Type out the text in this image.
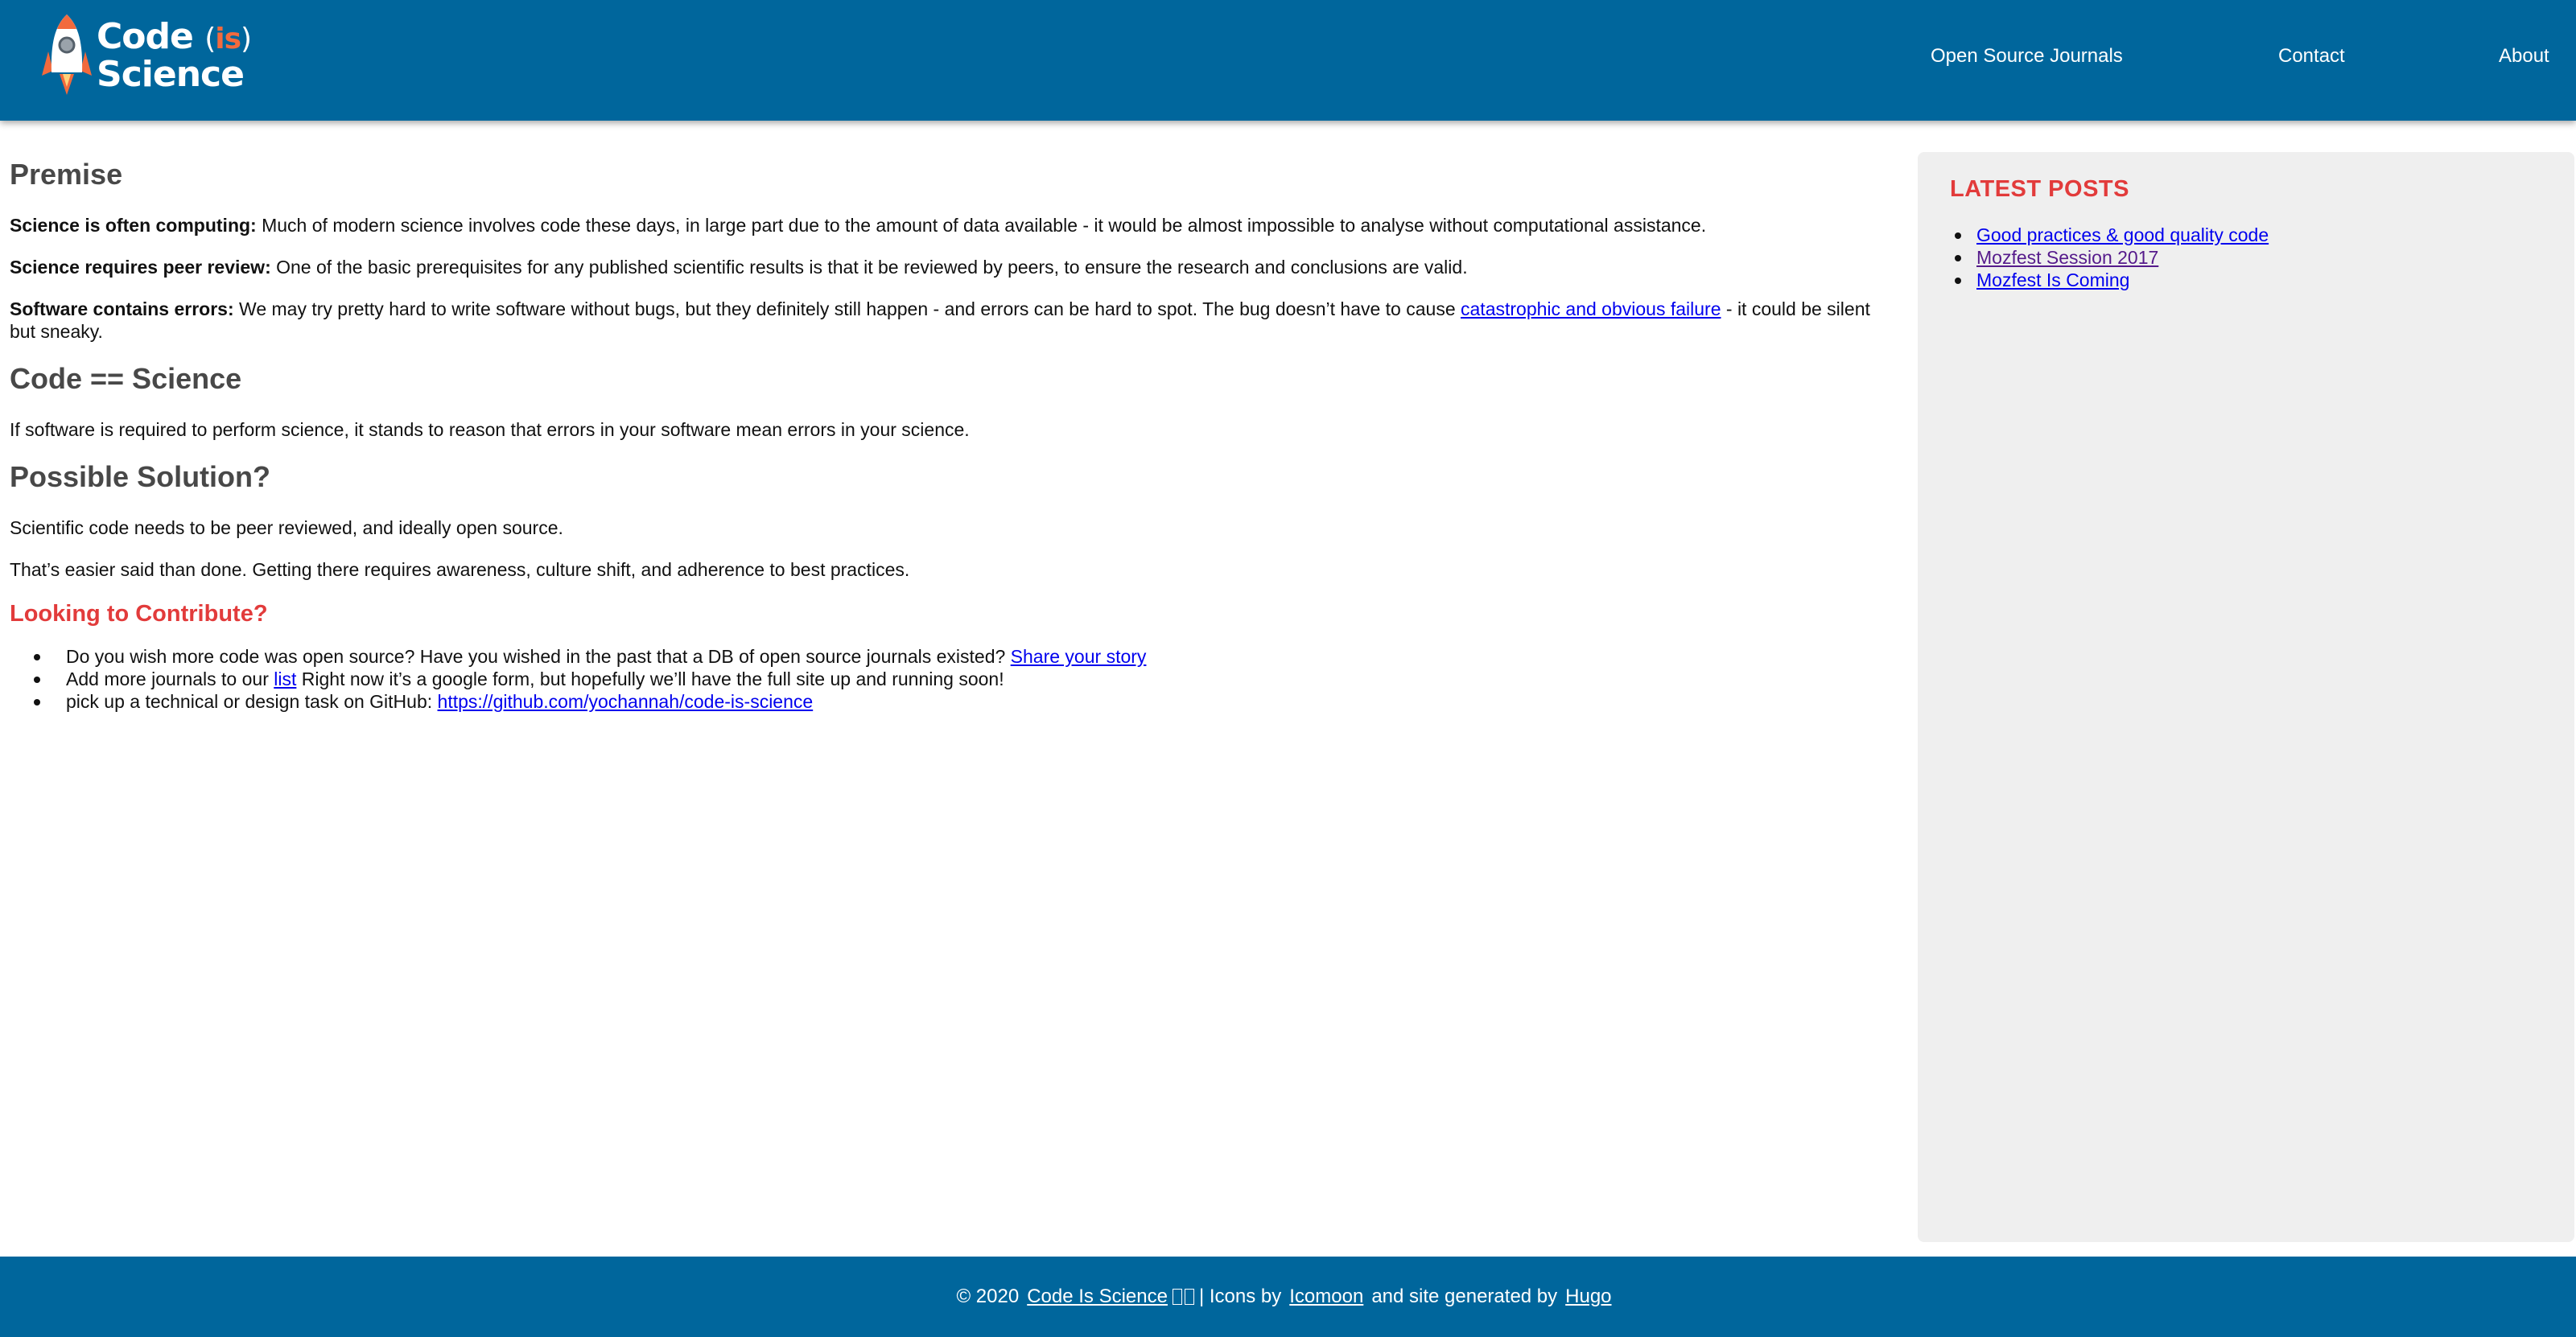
Code (is)
Science	Open Source Journals	Contact	About
Premise

Science is often computing: Much of modern science involves code these days, in large part due to the amount of data available - it would be almost impossible to analyse without computational assistance.

Science requires peer review: One of the basic prerequisites for any published scientific results is that it be reviewed by peers, to ensure the research and conclusions are valid.

Software contains errors: We may try pretty hard to write software without bugs, but they definitely still happen - and errors can be hard to spot. The bug doesn’t have to cause catastrophic and obvious failure - it could be silent but sneaky.

Code == Science

If software is required to perform science, it stands to reason that errors in your software mean errors in your science.

Possible Solution?

Scientific code needs to be peer reviewed, and ideally open source.

That’s easier said than done. Getting there requires awareness, culture shift, and adherence to best practices.

Looking to Contribute?
Do you wish more code was open source? Have you wished in the past that a DB of open source journals existed? Share your story
Add more journals to our list Right now it’s a google form, but hopefully we’ll have the full site up and running soon!
pick up a technical or design task on GitHub: https://github.com/yochannah/code-is-science
LATEST POSTS
Good practices & good quality code
Mozfest Session 2017
Mozfest Is Coming
© 2020 Code Is Science | Icons by Icomoon and site generated by Hugo
